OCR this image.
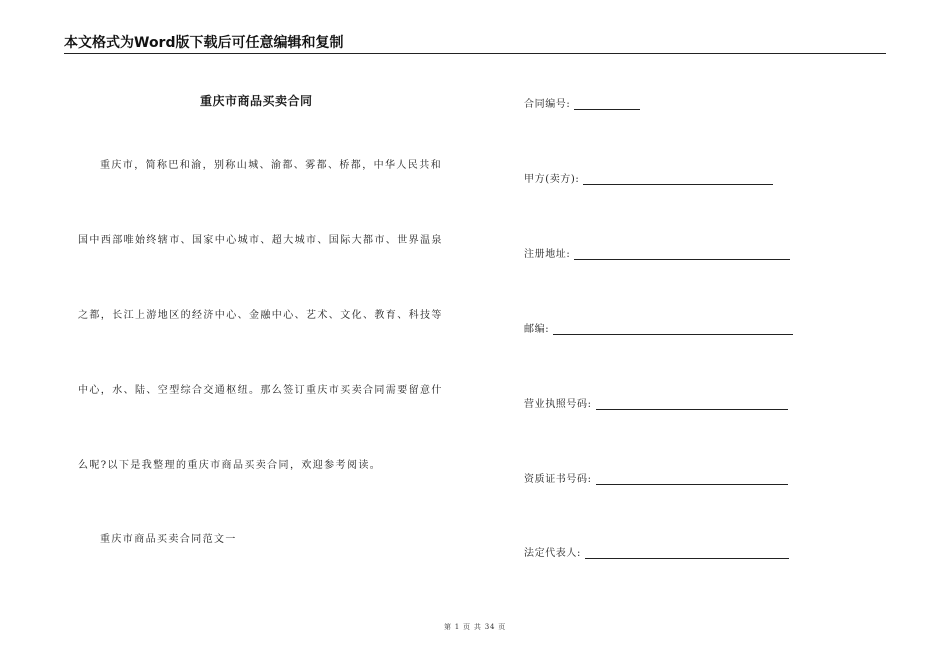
本文格式为Word版下载后可任意编辑和复制
重庆市商品买卖合同
重庆市，简称巴和渝，别称山城、渝都、雾都、桥都，中华人民共和
国中西部唯始终辖市、国家中心城市、超大城市、国际大都市、世界温泉
之都，长江上游地区的经济中心、金融中心、艺术、文化、教育、科技等
中心，水、陆、空型综合交通枢纽。那么签订重庆市买卖合同需要留意什
么呢?以下是我整理的重庆市商品买卖合同，欢迎参考阅读。
重庆市商品买卖合同范文一
合同编号:
甲方(卖方):
注册地址:
邮编:
营业执照号码:
资质证书号码:
法定代表人:
第 1 页 共 34 页
